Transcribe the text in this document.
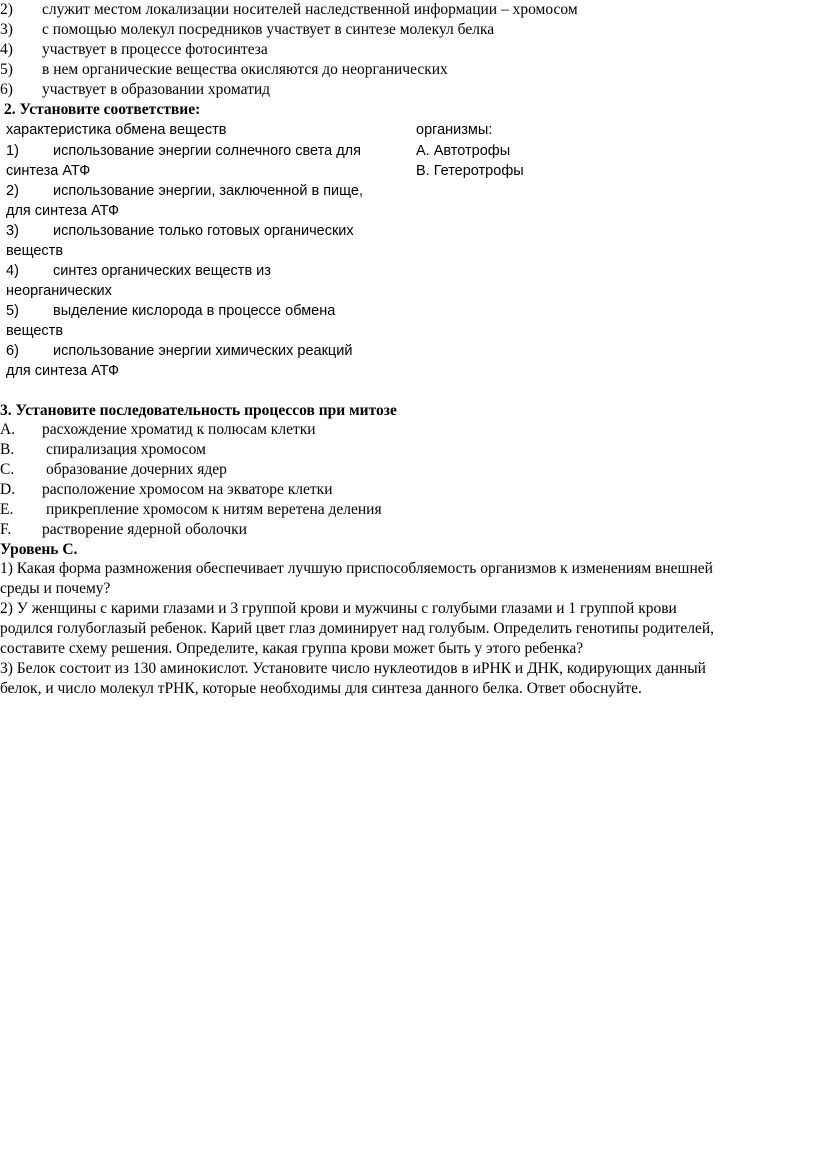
2) служит местом локализации носителей наследственной информации – хромосом
3) с помощью молекул посредников участвует в синтезе молекул белка
4) участвует в процессе фотосинтеза
5) в нем органические вещества окисляются до неорганических
6) участвует в образовании хроматид
2. Установите соответствие:
характеристика обмена веществ	организмы:
А. Автотрофы
В. Гетеротрофы
1) использование энергии солнечного света для
синтеза АТФ
2) использование энергии, заключенной в пище,
для синтеза АТФ
3) использование только готовых органических
веществ
4) синтез органических веществ из
неорганических
5) выделение кислорода в процессе обмена
веществ
6) использование энергии химических реакций
для синтеза АТФ
3. Установите последовательность процессов при митозе
A. расхождение хроматид к полюсам клетки
B. спирализация хромосом
C. образование дочерних ядер
D. расположение хромосом на экваторе клетки
E. прикрепление хромосом к нитям веретена деления
F. растворение ядерной оболочки
Уровень С.
1) Какая форма размножения обеспечивает лучшую приспособляемость организмов к изменениям внешней
среды и почему?
2) У женщины с карими глазами и 3 группой крови и мужчины с голубыми глазами и 1 группой крови
родился голубоглазый ребенок. Карий цвет глаз доминирует над голубым. Определить генотипы родителей,
составите схему решения. Определите, какая группа крови может быть у этого ребенка?
3) Белок состоит из 130 аминокислот. Установите число нуклеотидов в иРНК и ДНК, кодирующих данный
белок, и число молекул тРНК, которые необходимы для синтеза данного белка. Ответ обоснуйте.
